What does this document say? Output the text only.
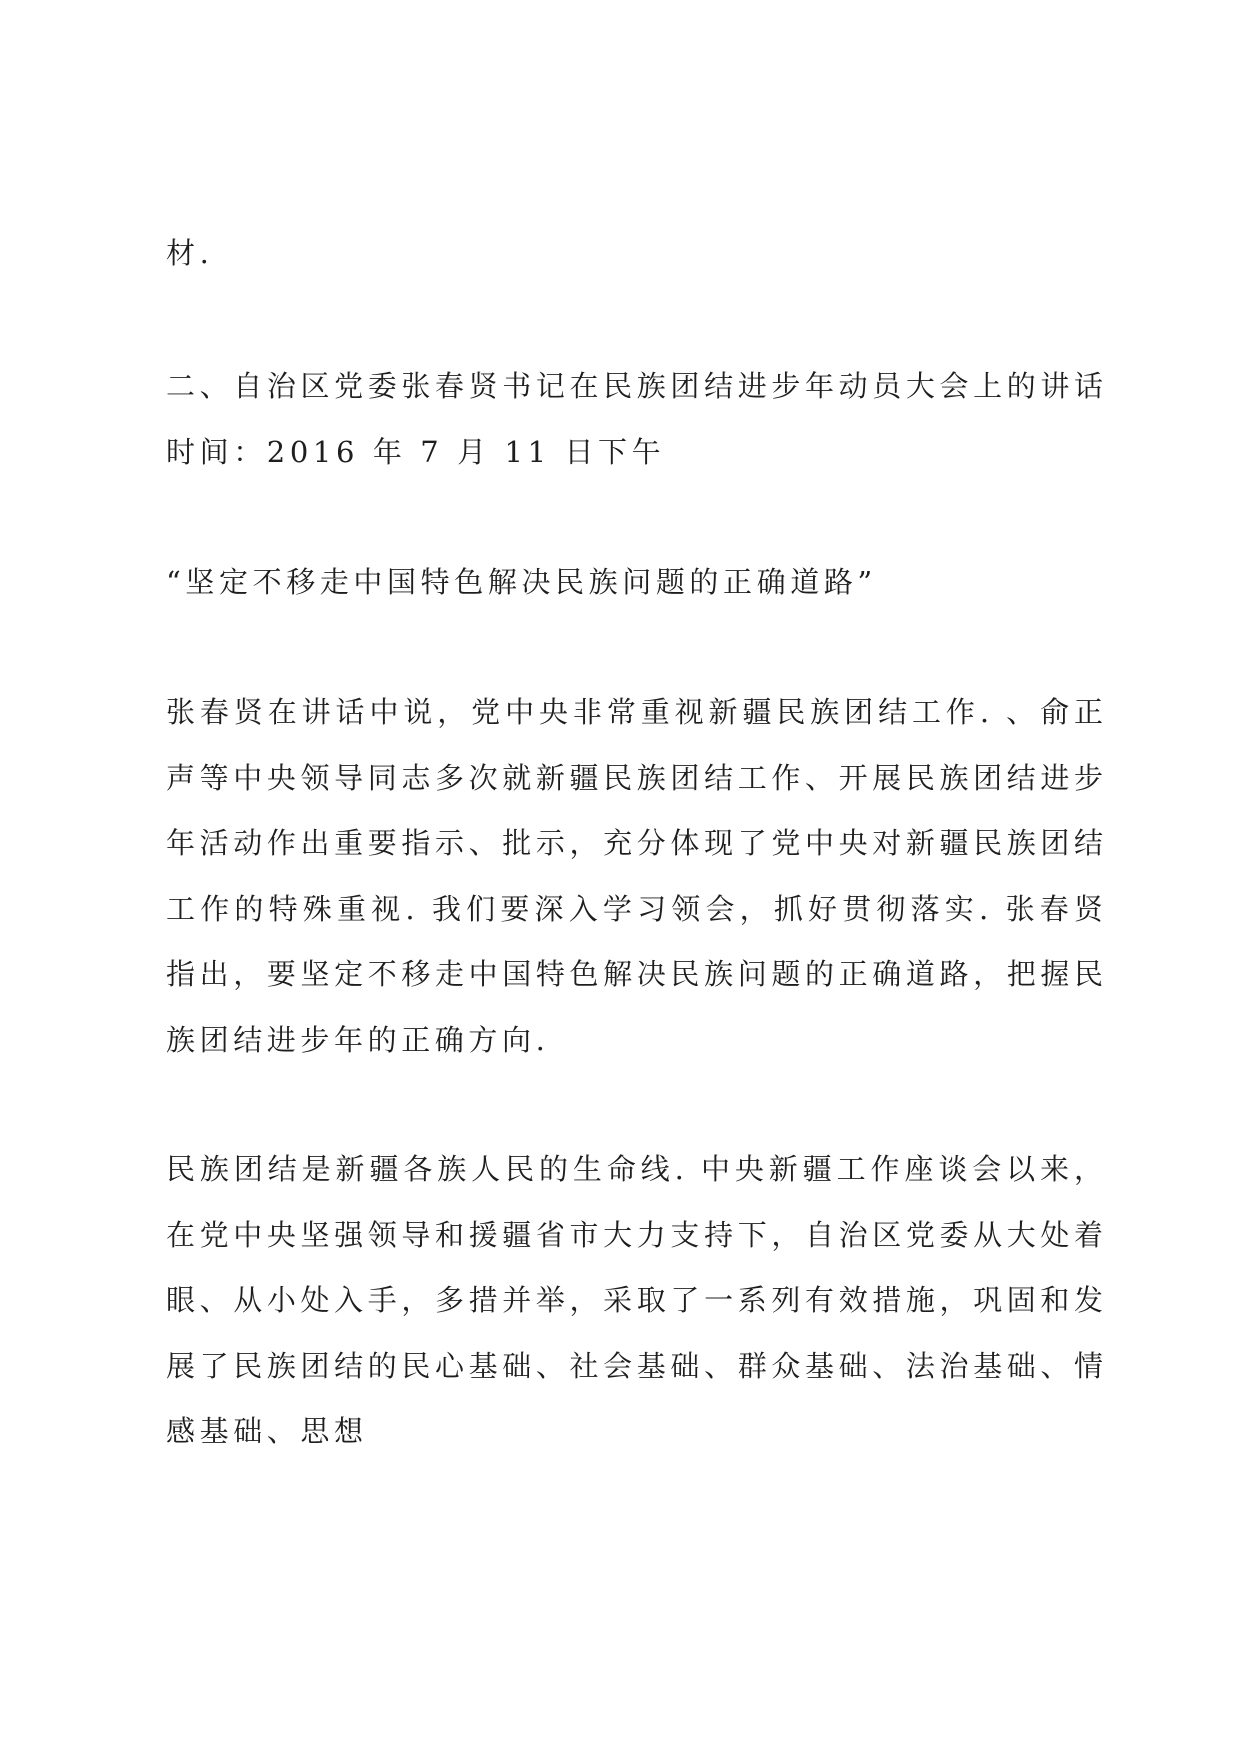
材.
二、自治区党委张春贤书记在民族团结进步年动员大会上的讲话
时间：2016 年 7 月 11 日下午
“坚定不移走中国特色解决民族问题的正确道路”
张春贤在讲话中说，党中央非常重视新疆民族团结工作. 、俞正
声等中央领导同志多次就新疆民族团结工作、开展民族团结进步
年活动作出重要指示、批示，充分体现了党中央对新疆民族团结
工作的特殊重视. 我们要深入学习领会，抓好贯彻落实. 张春贤
指出，要坚定不移走中国特色解决民族问题的正确道路，把握民
族团结进步年的正确方向.
民族团结是新疆各族人民的生命线. 中央新疆工作座谈会以来，
在党中央坚强领导和援疆省市大力支持下，自治区党委从大处着
眼、从小处入手，多措并举，采取了一系列有效措施，巩固和发
展了民族团结的民心基础、社会基础、群众基础、法治基础、情
感基础、思想
